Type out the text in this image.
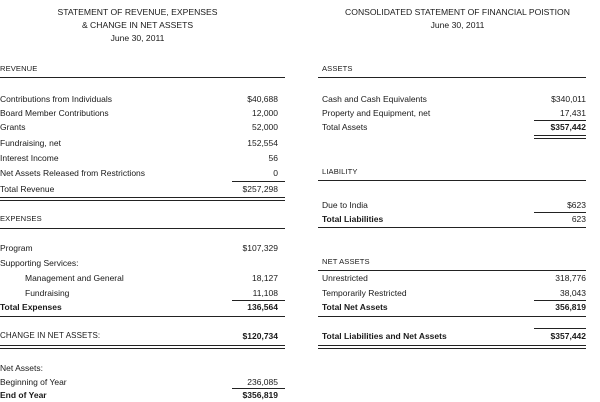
STATEMENT OF REVENUE, EXPENSES
& CHANGE IN NET ASSETS
June 30, 2011
CONSOLIDATED STATEMENT OF FINANCIAL POISTION
June 30, 2011
REVENUE
Contributions from Individuals	$40,688
Board Member Contributions	12,000
Grants	52,000
Fundraising, net	152,554
Interest Income	56
Net Assets Released from Restrictions	0
Total Revenue	$257,298
EXPENSES
Program	$107,329
Supporting Services:
Management and General	18,127
Fundraising	11,108
Total Expenses	136,564
CHANGE IN NET ASSETS:	$120,734
Net Assets:
Beginning of Year	236,085
End of Year	$356,819
ASSETS
Cash and Cash Equivalents	$340,011
Property and Equipment, net	17,431
Total Assets	$357,442
LIABILITY
Due to India	$623
Total Liabilities	623
NET ASSETS
Unrestricted	318,776
Temporarily Restricted	38,043
Total Net Assets	356,819
Total Liabilities and Net Assets	$357,442
